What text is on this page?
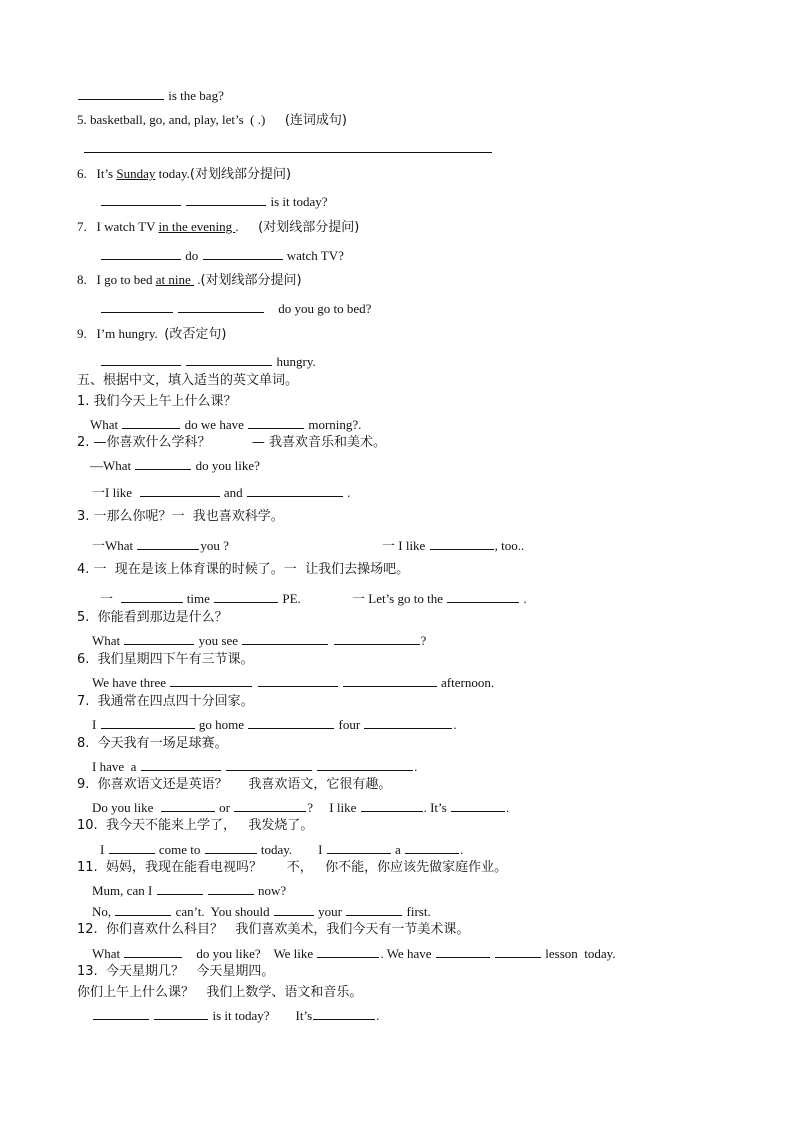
is the bag?
5. basketball, go, and, play, let’s  ( .) (连词成句)
6.   It’s Sunday today.(对划线部分提问)
is it today?
7.   I watch TV in the evening . (对划线部分提问)
do	watch TV?
8.   I go to bed at nine  .(对划线部分提问)
do you go to bed?
9.   I’m hungry.  (改否定句)
hungry.
五、根据中文，填入适当的英文单词。
1. 我们今天上午上什么课？
What	do we have	morning?.
2. —你喜欢什么学科？          — 我喜欢音乐和美术。
—What	do you like?
一I like	and	.
3. 一那么你呢？一  我也喜欢科学。
一What	you ?	一 I like	, too..
4. 一  现在是该上体育课的时候了。一  让我们去操场吧。
一	time	PE.	一 Let’s go to the	.
5.  你能看到那边是什么？
What	you see	?
6.  我们星期四下午有三节课。
We have three	afternoon.
7.  我通常在四点四十分回家。
I	go home	four	.
8.  今天我有一场足球赛。
I have  a	.
9.  你喜欢语文还是英语？     我喜欢语文，它很有趣。
Do you like	or	? I like	. It’s	.
10.  我今天不能来上学了，   我发烧了。
I	come to	today. I	a	.
11.  妈妈，我现在能看电视吗？      不，   你不能，你应该先做家庭作业。
Mum, can I	now?
No,	can’t.  You should	your	first.
12.  你们喜欢什么科目？   我们喜欢美术，我们今天有一节美术课。
What	do you like? We like	. We have	lesson  today.
13.  今天星期几？   今天星期四。
你们上午上什么课？   我们上数学、语文和音乐。
is it today? It’s	.
